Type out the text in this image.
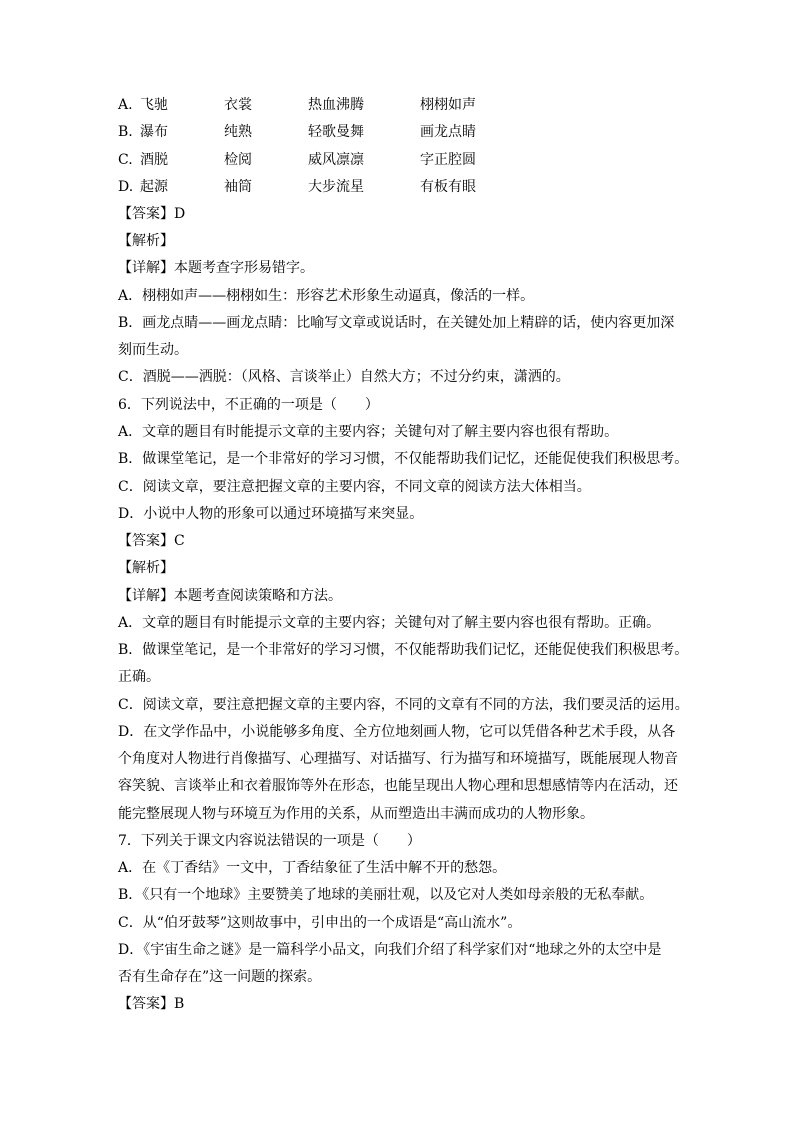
A. 飞驰	衣裳	热血沸腾	栩栩如声
B. 瀑布	纯熟	轻歌曼舞	画龙点睛
C. 酒脱	检阅	威风凛凛	字正腔圆
D. 起源	袖筒	大步流星	有板有眼
【答案】D
【解析】
【详解】本题考查字形易错字。
A．栩栩如声——栩栩如生：形容艺术形象生动逼真，像活的一样。
B．画龙点睛——画龙点睛：比喻写文章或说话时，在关键处加上精辟的话，使内容更加深
刻而生动。
C．酒脱——洒脱：（风格、言谈举止）自然大方；不过分约束，潇洒的。
6．下列说法中，不正确的一项是（　　）
A．文章的题目有时能提示文章的主要内容；关键句对了解主要内容也很有帮助。
B．做课堂笔记，是一个非常好的学习习惯，不仅能帮助我们记忆，还能促使我们积极思考。
C．阅读文章，要注意把握文章的主要内容，不同文章的阅读方法大体相当。
D．小说中人物的形象可以通过环境描写来突显。
【答案】C
【解析】
【详解】本题考查阅读策略和方法。
A．文章的题目有时能提示文章的主要内容；关键句对了解主要内容也很有帮助。正确。
B．做课堂笔记，是一个非常好的学习习惯，不仅能帮助我们记忆，还能促使我们积极思考。
正确。
C．阅读文章，要注意把握文章的主要内容，不同的文章有不同的方法，我们要灵活的运用。
D．在文学作品中，小说能够多角度、全方位地刻画人物，它可以凭借各种艺术手段，从各
个角度对人物进行肖像描写、心理描写、对话描写、行为描写和环境描写，既能展现人物音
容笑貌、言谈举止和衣着服饰等外在形态，也能呈现出人物心理和思想感情等内在活动，还
能完整展现人物与环境互为作用的关系，从而塑造出丰满而成功的人物形象。
7．下列关于课文内容说法错误的一项是（　　）
A．在《丁香结》一文中，丁香结象征了生活中解不开的愁怨。
B．《只有一个地球》主要赞美了地球的美丽壮观，以及它对人类如母亲般的无私奉献。
C．从“伯牙鼓琴”这则故事中，引申出的一个成语是“高山流水”。
D．《宇宙生命之谜》是一篇科学小品文，向我们介绍了科学家们对“地球之外的太空中是
否有生命存在”这一问题的探索。
【答案】B
